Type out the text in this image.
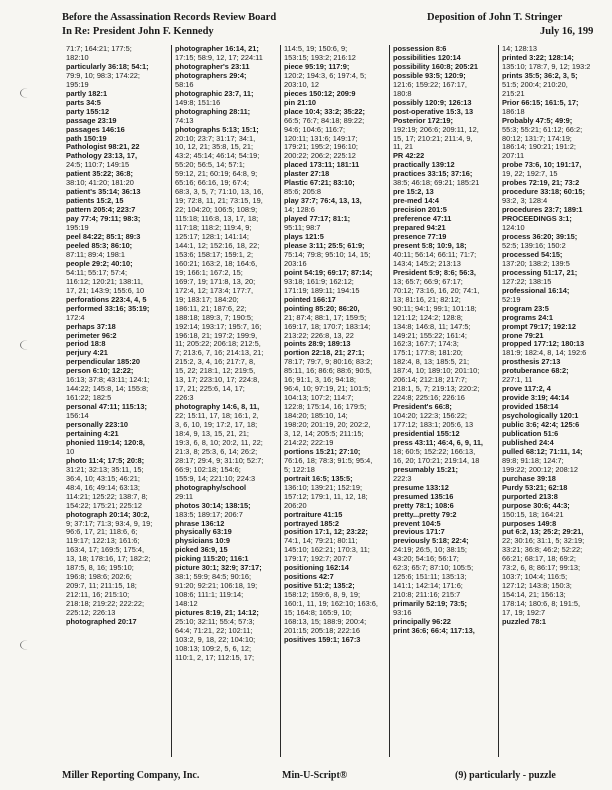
Before the Assassination Records Review Board
In Re: President John F. Kennedy
Deposition of John T. Stringer
July 16, 199
71:7; 164:21; 177:5;
182:10
particularly 36:18; 54:1;
79:9, 10; 98:3; 174:22;
195:19
partly 182:1
parts 34:5
party 155:12
passage 23:19
passages 146:16
path 150:19
Pathologist 98:21, 22
Pathology 23:13, 17,
24:5; 110:7; 149:15
patient 35:22; 36:8;
38:10; 41:20; 181:20
patient's 35:14; 36:13
patients 15:2, 15
pattern 205:4; 223:7
pay 77:4; 79:11; 98:3;
195:19
peel 84:22; 85:1; 89:3
peeled 85:3; 86:10;
87:11; 89:4; 198:1
people 29:2; 40:10;
54:11; 55:17; 57:4;
116:12; 120:21; 138:11,
17, 21; 143:9; 155:6, 10
perforations 223:4, 4, 5
performed 33:16; 35:19;
172:4
perhaps 37:18
perimeter 96:2
period 18:8
perjury 4:21
perpendicular 185:20
person 6:10; 12:22;
16:13; 37:8; 43:11; 124:1;
144:22; 145:8, 14; 155:8;
161:22; 182:5
personal 47:11; 115:13;
156:14
personally 223:10
pertaining 4:21
phonied 119:14; 120:8,
10
photo 11:4; 17:5; 20:8;
31:21; 32:13; 35:11, 15;
36:4, 10; 43:15; 46:21;
48:4, 16; 49:14; 63:13;
114:21; 125:22; 138:7, 8;
154:22; 175:21; 225:12
photograph 20:14; 30:2,
9; 37:17; 71:3; 93:4, 9, 19;
96:6, 17, 21; 118:6, 6;
119:17; 122:13; 161:6;
163:4, 17; 169:5; 175:4,
13, 18; 178:16, 17; 182:2;
187:5, 8, 16; 195:10;
196:8; 198:6; 202:6;
209:7, 11; 211:15, 18;
212:11, 16; 215:10;
218:18; 219:22; 222:22;
225:12; 226:13
photographed 20:17
photographer 16:14, 21;
17:15; 58:9, 12, 17; 224:11
photographer's 23:11
photographers 29:4;
58:16
photographic 23:7, 11;
149:8; 151:16
photographing 28:11;
74:13
photographs 5:13; 15:1;
20:10; 23:7; 31:17; 34:1,
10, 12, 21; 35:8, 15, 21;
43:2; 45:14; 46:14; 54:19;
55:20; 56:5, 14; 57:1;
59:12, 21; 60:19; 64:8, 9;
65:16; 66:16, 19; 67:4;
68:3, 3, 5, 7; 71:10, 13, 16,
19; 72:8, 11, 21; 73:15, 19,
22; 104:20; 106:5; 108:9;
115:18; 116:8, 13, 17, 18;
117:18; 118:2; 119:4, 9;
125:17; 128:1; 141:14;
144:1, 12; 152:16, 18, 22;
153:6; 158:17; 159:1, 2;
160:21; 163:2, 18; 164:6,
19; 166:1; 167:2, 15;
169:7, 19; 171:8, 13, 20;
172:4, 12; 173:4; 177:7,
19; 183:17; 184:20;
186:11, 21; 187:6, 22;
188:18; 189:3, 7; 190:5;
192:14; 193:17; 195:7, 16;
196:18, 21; 197:2; 199:9,
11; 205:22; 206:18; 212:5,
7; 213:6, 7, 16; 214:13, 21;
215:2, 3, 4, 16; 217:7, 8,
15, 22; 218:1, 12; 219:5,
13, 17; 223:10, 17; 224:8,
17, 21; 225:6, 14, 17;
226:3
photography 14:6, 8, 11,
22; 15:11, 17, 18; 16:1, 2,
3, 6, 10, 19; 17:2, 17, 18;
18:4, 9, 13, 15, 21, 21;
19:3, 6, 8, 10; 20:2, 11, 22;
21:3, 8; 25:3, 6, 14; 26:2;
28:17; 29:4, 9; 31:10; 52:7;
66:9; 102:18; 154:6;
155:9, 14; 221:10; 224:3
photography/school
29:11
photos 30:14; 138:15;
183:5; 189:17; 206:7
phrase 136:12
physically 63:19
physicians 10:9
picked 36:9, 15
picking 115:20; 116:1
picture 30:1; 32:9; 37:17;
38:1; 59:9; 84:5; 90:16;
91:20; 92:21; 106:18, 19;
108:6; 111:1; 119:14;
148:12
pictures 8:19, 21; 14:12;
25:10; 32:11; 55:4; 57:3;
64:4; 71:21, 22; 102:11;
103:2, 9, 18, 22; 104:10;
108:13; 109:2, 5, 6, 12;
110:1, 2, 17; 112:15, 17;
114:5, 19; 150:6, 9;
153:15; 193:2; 216:12
piece 95:19; 117:9;
120:2; 194:3, 6; 197:4, 5;
203:10, 12
pieces 150:12; 209:9
pin 21:10
place 10:4; 33:2; 35:22;
66:5; 76:7; 84:18; 89:22;
94:6; 104:6; 116:7;
120:11; 131:6; 149:17;
179:21; 195:2; 196:10;
200:22; 206:2; 225:12
placed 173:11; 181:11
plaster 27:18
Plastic 67:21; 83:10;
85:6; 205:8
play 37:7; 76:4, 13, 13,
14; 128:6
played 77:17; 81:1;
95:11; 98:7
plays 121:5
please 3:11; 25:5; 61:9;
75:14; 79:8; 95:10; 14, 15;
203:16
point 54:19; 69:17; 87:14;
93:18; 161:9; 162:12;
171:19; 189:11; 194:15
pointed 166:17
pointing 85:20; 86:20,
21; 87:4; 88:1, 17; 159:5;
169:17, 18; 170:7; 183:14;
213:22; 226:8, 13, 22
points 28:9; 189:13
portion 22:18, 21; 27:1;
78:17; 79:7, 9; 80:16; 83:2;
85:11, 16; 86:6; 88:6; 90:5,
16; 91:1, 3, 16; 94:18;
96:4, 10; 97:19, 21; 101:5;
104:13; 107:2; 114:7;
122:8; 175:14, 16; 179:5;
184:20; 185:10, 14;
198:20; 201:19, 20; 202:2,
3, 12, 14; 205:5; 211:15;
214:22; 222:19
portions 15:21; 27:10;
76:16, 18; 78:3; 91:5; 95:4,
5; 122:18
portrait 16:5; 135:5;
136:10; 139:21; 152:19;
157:12; 179:1, 11, 12, 18;
206:20
portraiture 41:15
portrayed 185:2
position 17:1, 12; 23:22;
74:1, 14; 79:21; 80:11;
145:10; 162:21; 170:3, 11;
179:17; 192:7; 207:7
positioning 162:14
positions 42:7
positive 51:2; 135:2;
158:12; 159:6, 8, 9, 19;
160:1, 11, 19; 162:10; 163:6,
15; 164:8; 165:9, 10;
168:13, 15; 188:9; 200:4;
201:15; 205:18; 222:16
positives 159:1; 167:3
possession 8:6
possibilities 120:14
possibility 160:8; 205:21
possible 93:5; 120:9;
121:6; 159:22; 167:17,
180:8
possibly 120:9; 126:13
post-operative 15:3, 13
Posterior 172:19;
192:19; 206:6; 209:11, 12,
15, 17; 210:21; 211:4, 9,
11, 21
PR 42:22
practically 139:12
practices 33:15; 37:16;
38:5; 46:18; 69:21; 185:21
pre 15:2, 13
pre-med 14:4
precision 201:5
preference 47:11
prepared 94:21
presence 77:19
present 5:8; 10:9, 18;
40:11; 56:14; 66:11; 71:7;
143:4; 145:2; 213:13
President 5:9; 8:6; 56:3,
13; 65:7; 66:9; 67:17;
70:12; 73:16, 16, 20; 74:1,
13; 81:16, 21; 82:12;
90:11; 94:1; 99:1; 101:18;
121:12; 124:2; 128:8;
134:8; 146:8, 11; 147:5;
149:21; 155:22; 161:4;
162:3; 167:7; 174:3;
175:1; 177:8; 181:20;
182:4, 8, 13; 185:5, 21;
187:4, 10; 189:10; 201:10;
206:14; 212:18; 217:7;
218:1, 5, 7; 219:13; 220:2;
224:8; 225:16; 226:16
President's 66:8;
104:20; 122:3; 156:22;
177:12; 183:1; 205:6, 13
presidential 155:12
press 43:11; 46:4, 6, 9, 11,
18; 60:5; 152:22; 166:13,
16, 20; 170:21; 219:14, 18
presumably 15:21;
222:3
presume 133:12
presumed 135:16
pretty 78:1; 108:6
pretty...pretty 79:2
prevent 104:5
previous 171:7
previously 5:18; 22:4;
24:19; 26:5, 10; 38:15;
43:20; 54:16; 56:17;
62:3; 65:7; 87:10; 105:5;
125:6; 151:11; 135:13;
141:1; 142:14; 171:6;
210:8; 211:16; 215:7
primarily 52:19; 73:5;
93:16
principally 96:22
print 36:6; 66:4; 117:13,
14; 128:13
printed 3:22; 128:14;
135:10; 178:7, 9, 12; 193:2
prints 35:5; 36:2, 3, 5;
51:5; 200:4; 210:20,
215:21
Prior 66:15; 161:5, 17;
186:18
Probably 47:5; 49:9;
55:3; 55:21; 61:12; 66:2;
80:12; 131:7; 174:19;
186:14; 190:21; 191:2;
207:11
probe 73:6, 10; 191:17,
19, 22; 192:7, 15
probes 72:19, 21; 73:2
procedure 33:18; 60:15;
93:2, 3; 128:4
procedures 23:7; 189:1
PROCEEDINGS 3:1;
124:10
process 36:20; 39:15;
52:5; 139:16; 150:2
processed 54:15;
137:20; 138:2; 139:5
processing 51:17, 21;
127:22; 138:15
professional 16:14;
52:19
program 23:5
programs 24:1
prompt 79:17; 192:12
prone 79:21
propped 177:12; 180:13
181:9; 182:4, 8, 14; 192:6
prosthesis 27:13
protuberance 68:2;
227:1, 11
prove 117:2, 4
provide 3:19; 44:14
provided 158:14
psychologically 120:1
public 3:6; 42:4; 125:6
publication 51:6
published 24:4
pulled 68:12; 71:11, 14;
89:8; 91:18; 124:7;
199:22; 200:12; 208:12
purchase 39:18
Purdy 53:21; 62:18
purported 213:8
purpose 30:6; 44:3;
150:15, 18; 164:21
purposes 149:8
put 6:2, 13; 25:2; 29:21,
22; 30:16; 31:1, 5; 32:19;
33:21; 36:8; 46:2; 52:22;
66:21; 68:17, 18; 69:2;
73:2, 6, 8; 86:17; 99:13;
103:7; 104:4; 116:5;
127:12; 143:8; 150:3;
154:14, 21; 156:13;
178:14; 180:6, 8; 191:5,
17, 19; 192:7
puzzled 78:1
Miller Reporting Company, Inc.	Min-U-Script®	(9) particularly - puzzle
